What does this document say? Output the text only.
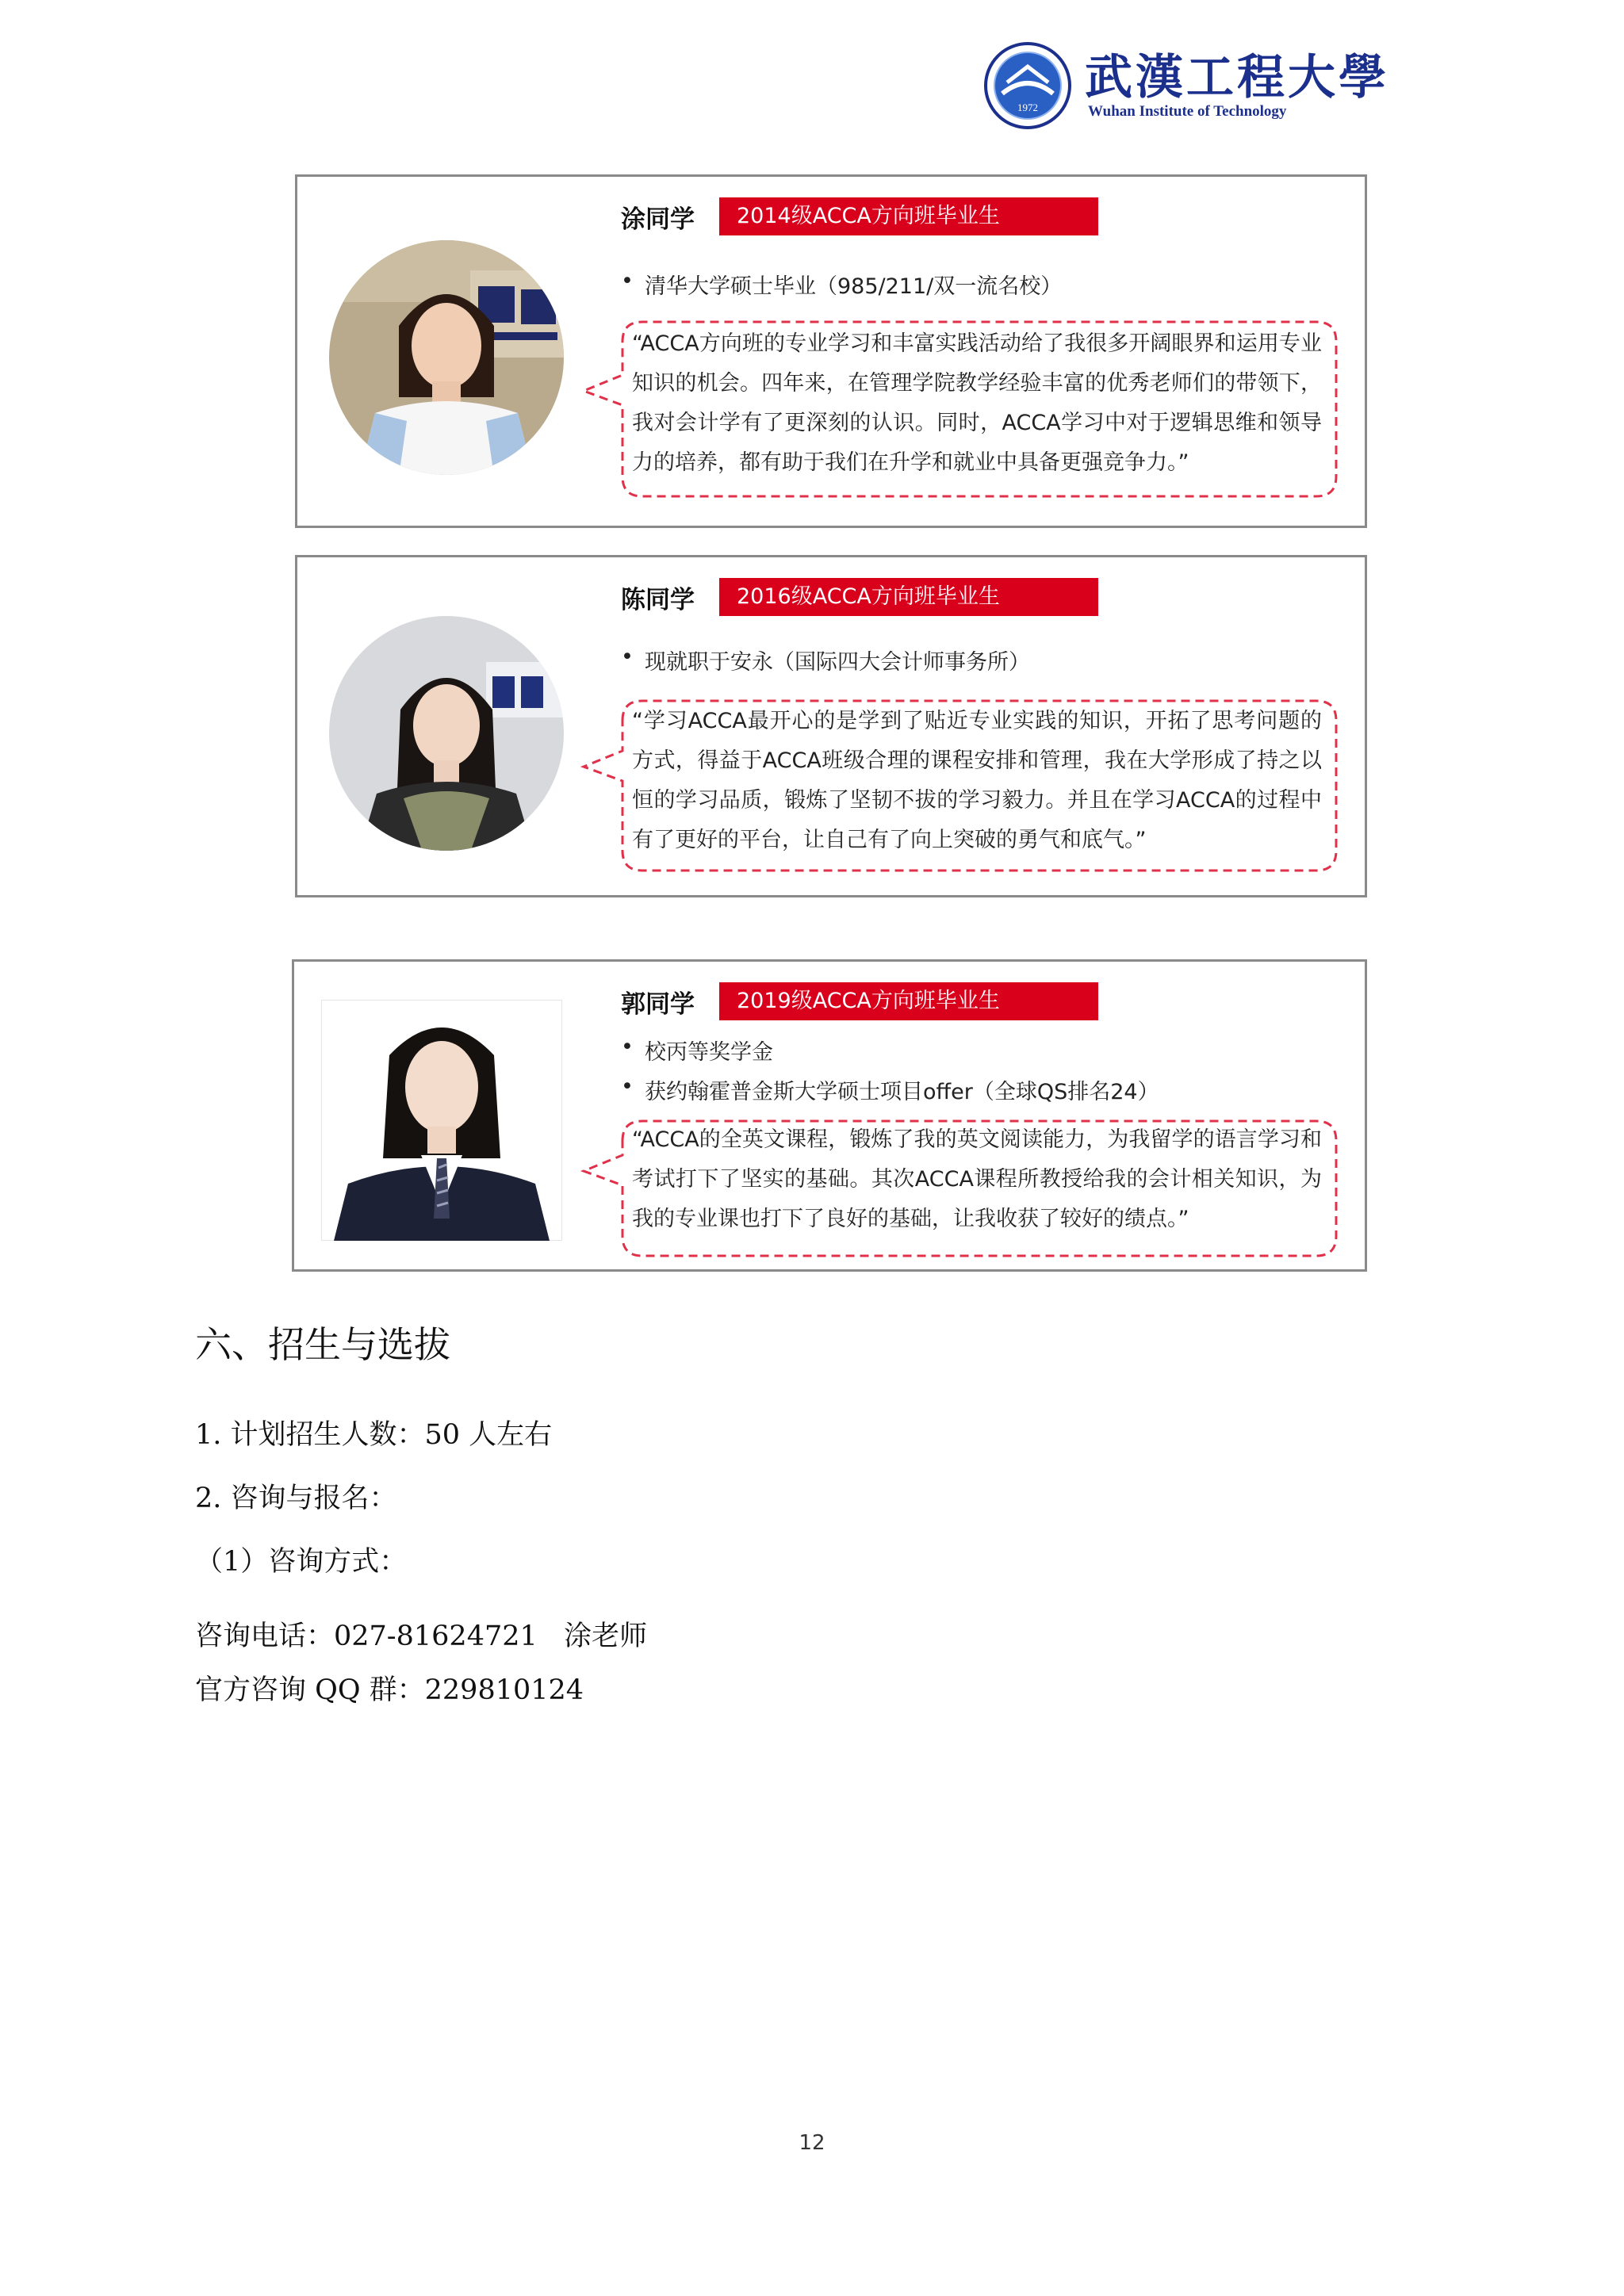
1972
武漢工程大學
Wuhan Institute of Technology
涂同学	2014级ACCA方向班毕业生
• 清华大学硕士毕业（985/211/双一流名校）
“ACCA方向班的专业学习和丰富实践活动给了我很多开阔眼界和运用专业知识的机会。四年来，在管理学院教学经验丰富的优秀老师们的带领下，我对会计学有了更深刻的认识。同时，ACCA学习中对于逻辑思维和领导力的培养，都有助于我们在升学和就业中具备更强竞争力。”
陈同学	2016级ACCA方向班毕业生
• 现就职于安永（国际四大会计师事务所）
“学习ACCA最开心的是学到了贴近专业实践的知识，开拓了思考问题的方式，得益于ACCA班级合理的课程安排和管理，我在大学形成了持之以恒的学习品质，锻炼了坚韧不拔的学习毅力。并且在学习ACCA的过程中有了更好的平台，让自己有了向上突破的勇气和底气。”
郭同学	2019级ACCA方向班毕业生
• 校丙等奖学金
• 获约翰霍普金斯大学硕士项目offer（全球QS排名24）
“ACCA的全英文课程，锻炼了我的英文阅读能力，为我留学的语言学习和考试打下了坚实的基础。其次ACCA课程所教授给我的会计相关知识，为我的专业课也打下了良好的基础，让我收获了较好的绩点。”
六、招生与选拔
1. 计划招生人数：50 人左右
2. 咨询与报名：
（1）咨询方式：
咨询电话：027-81624721   涂老师
官方咨询 QQ 群：229810124
12
